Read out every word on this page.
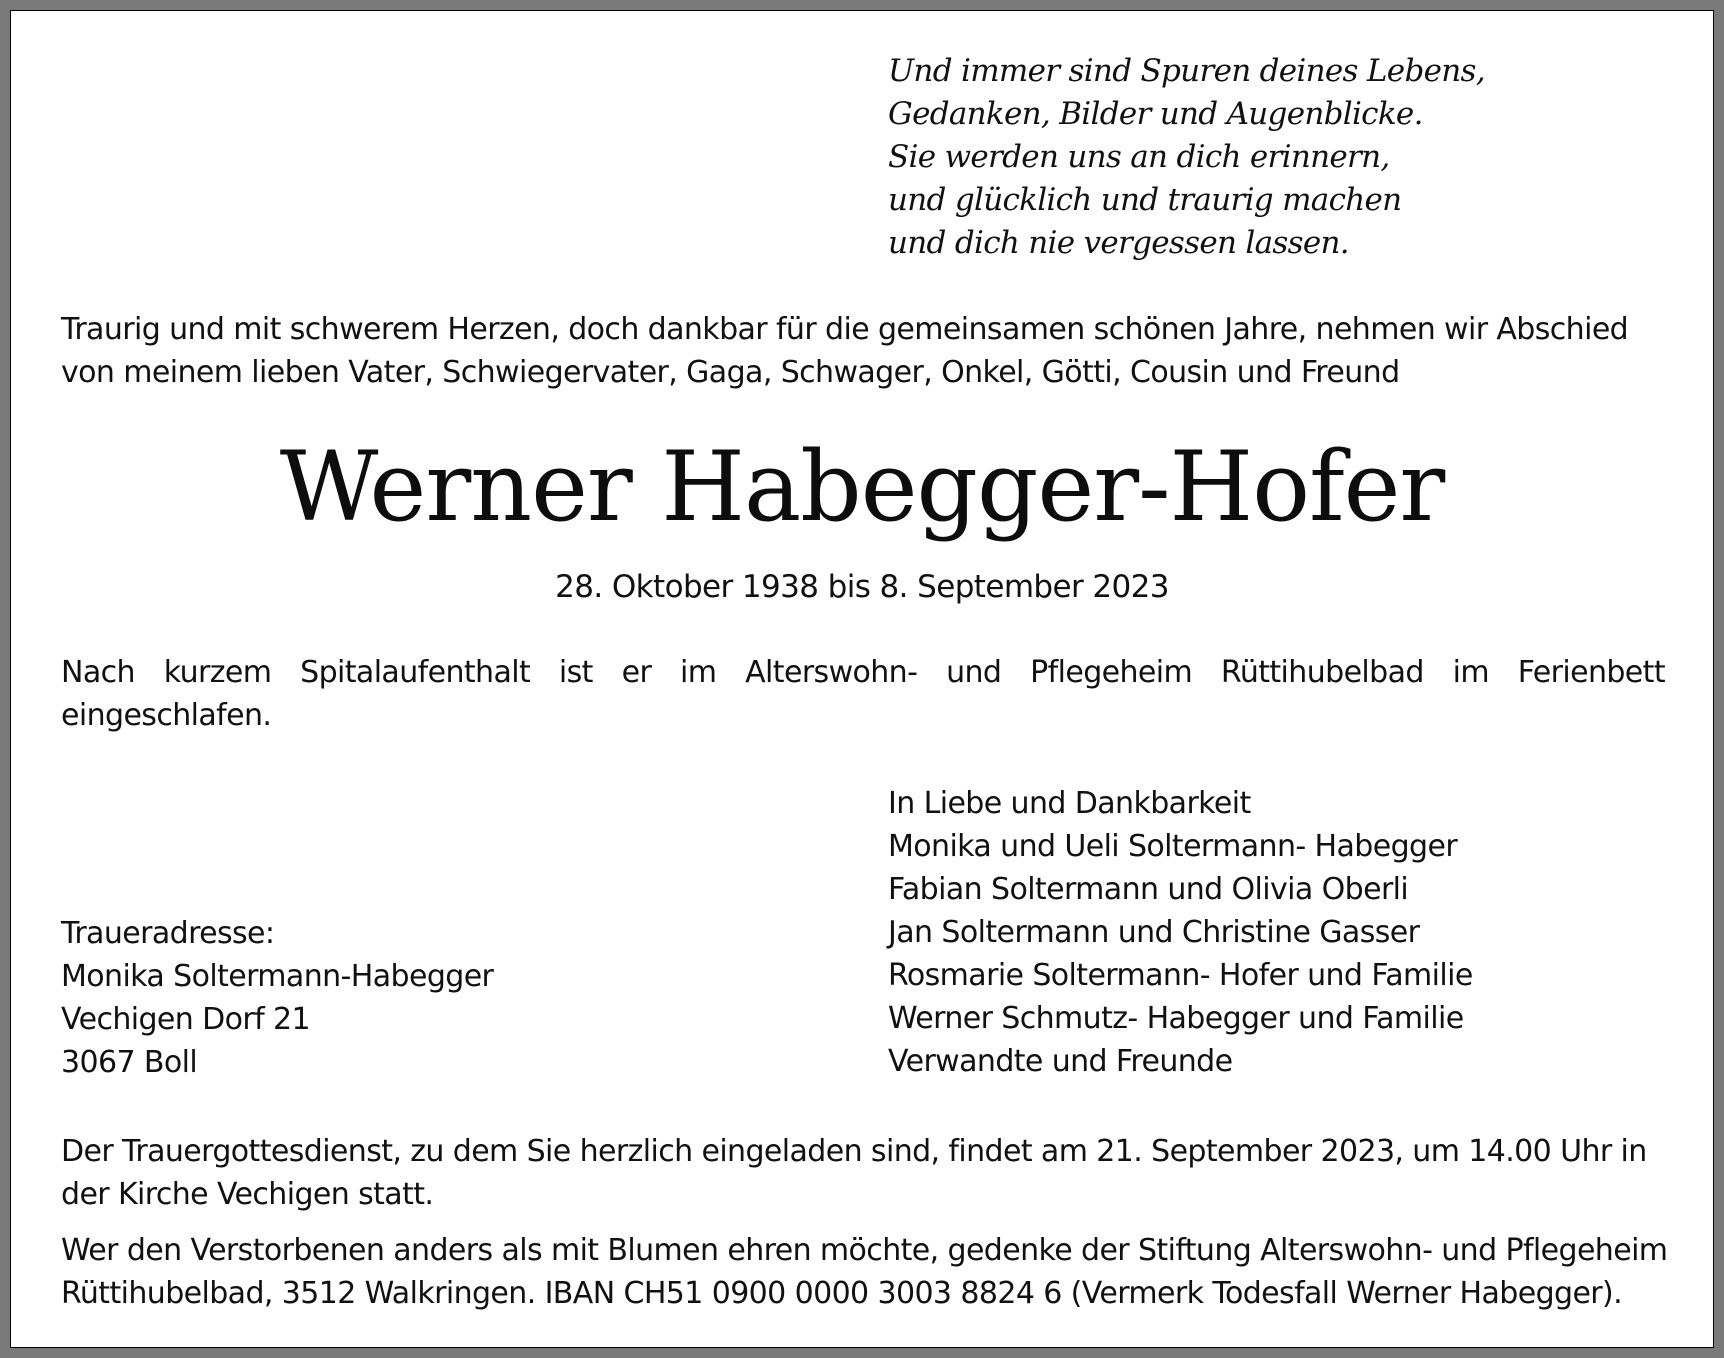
Und immer sind Spuren deines Lebens,
Gedanken, Bilder und Augenblicke.
Sie werden uns an dich erinnern,
und glücklich und traurig machen
und dich nie vergessen lassen.
Traurig und mit schwerem Herzen, doch dankbar für die gemeinsamen schönen Jahre, nehmen wir Abschied
von meinem lieben Vater, Schwiegervater, Gaga, Schwager, Onkel, Götti, Cousin und Freund
Werner Habegger-Hofer
28. Oktober 1938 bis 8. September 2023
Nach kurzem Spitalaufenthalt ist er im Alterswohn- und Pflegeheim Rüttihubelbad im Ferienbett
eingeschlafen.
In Liebe und Dankbarkeit
Monika und Ueli Soltermann- Habegger
Fabian Soltermann und Olivia Oberli
Jan Soltermann und Christine Gasser
Rosmarie Soltermann- Hofer und Familie
Werner Schmutz- Habegger und Familie
Verwandte und Freunde
Traueradresse:
Monika Soltermann-Habegger
Vechigen Dorf 21
3067 Boll
Der Trauergottesdienst, zu dem Sie herzlich eingeladen sind, findet am 21. September 2023, um 14.00 Uhr in
der Kirche Vechigen statt.
Wer den Verstorbenen anders als mit Blumen ehren möchte, gedenke der Stiftung Alterswohn- und Pflegeheim
Rüttihubelbad, 3512 Walkringen. IBAN CH51 0900 0000 3003 8824 6 (Vermerk Todesfall Werner Habegger).
